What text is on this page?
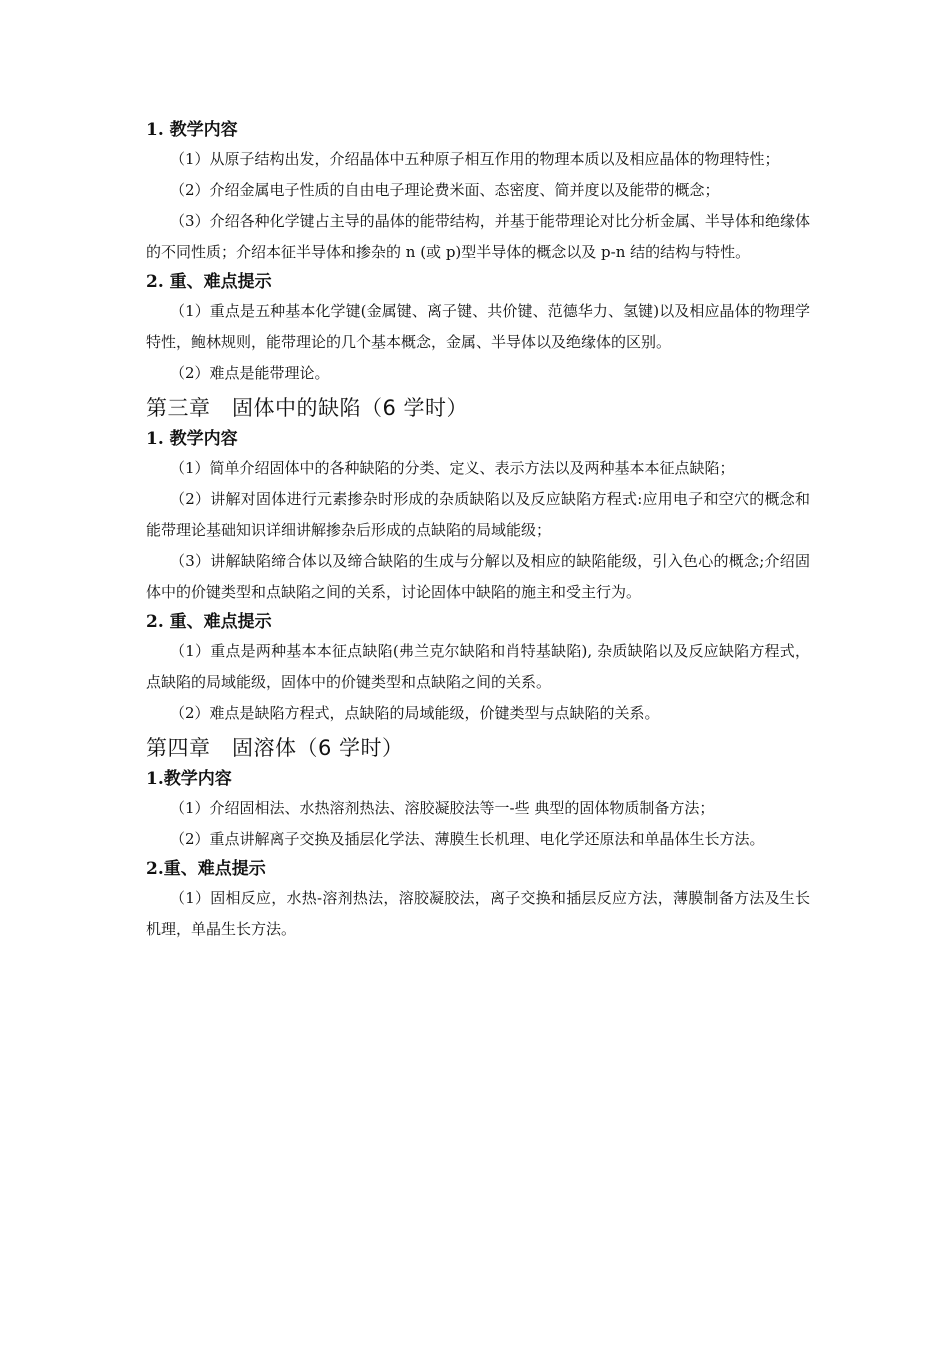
1. 教学内容
（1）从原子结构出发，介绍晶体中五种原子相互作用的物理本质以及相应晶体的物理特性；
（2）介绍金属电子性质的自由电子理论费米面、态密度、简并度以及能带的概念；
（3）介绍各种化学键占主导的晶体的能带结构，并基于能带理论对比分析金属、半导体和绝缘体的不同性质；介绍本征半导体和掺杂的 n (或 p)型半导体的概念以及 p-n 结的结构与特性。
2. 重、难点提示
（1）重点是五种基本化学键(金属键、离子键、共价键、范德华力、氢键)以及相应晶体的物理学特性，鲍林规则，能带理论的几个基本概念，金属、半导体以及绝缘体的区别。
（2）难点是能带理论。
第三章　固体中的缺陷（6 学时）
1. 教学内容
（1）简单介绍固体中的各种缺陷的分类、定义、表示方法以及两种基本本征点缺陷；
（2）讲解对固体进行元素掺杂时形成的杂质缺陷以及反应缺陷方程式:应用电子和空穴的概念和能带理论基础知识详细讲解掺杂后形成的点缺陷的局域能级；
（3）讲解缺陷缔合体以及缔合缺陷的生成与分解以及相应的缺陷能级，引入色心的概念;介绍固体中的价键类型和点缺陷之间的关系，讨论固体中缺陷的施主和受主行为。
2. 重、难点提示
（1）重点是两种基本本征点缺陷(弗兰克尔缺陷和肖特基缺陷), 杂质缺陷以及反应缺陷方程式，点缺陷的局域能级，固体中的价键类型和点缺陷之间的关系。
（2）难点是缺陷方程式，点缺陷的局域能级，价键类型与点缺陷的关系。
第四章　固溶体（6 学时）
1.教学内容
（1）介绍固相法、水热溶剂热法、溶胶凝胶法等一-些 典型的固体物质制备方法；
（2）重点讲解离子交换及插层化学法、薄膜生长机理、电化学还原法和单晶体生长方法。
2.重、难点提示
（1）固相反应，水热-溶剂热法，溶胶凝胶法，离子交换和插层反应方法，薄膜制备方法及生长机理，单晶生长方法。
